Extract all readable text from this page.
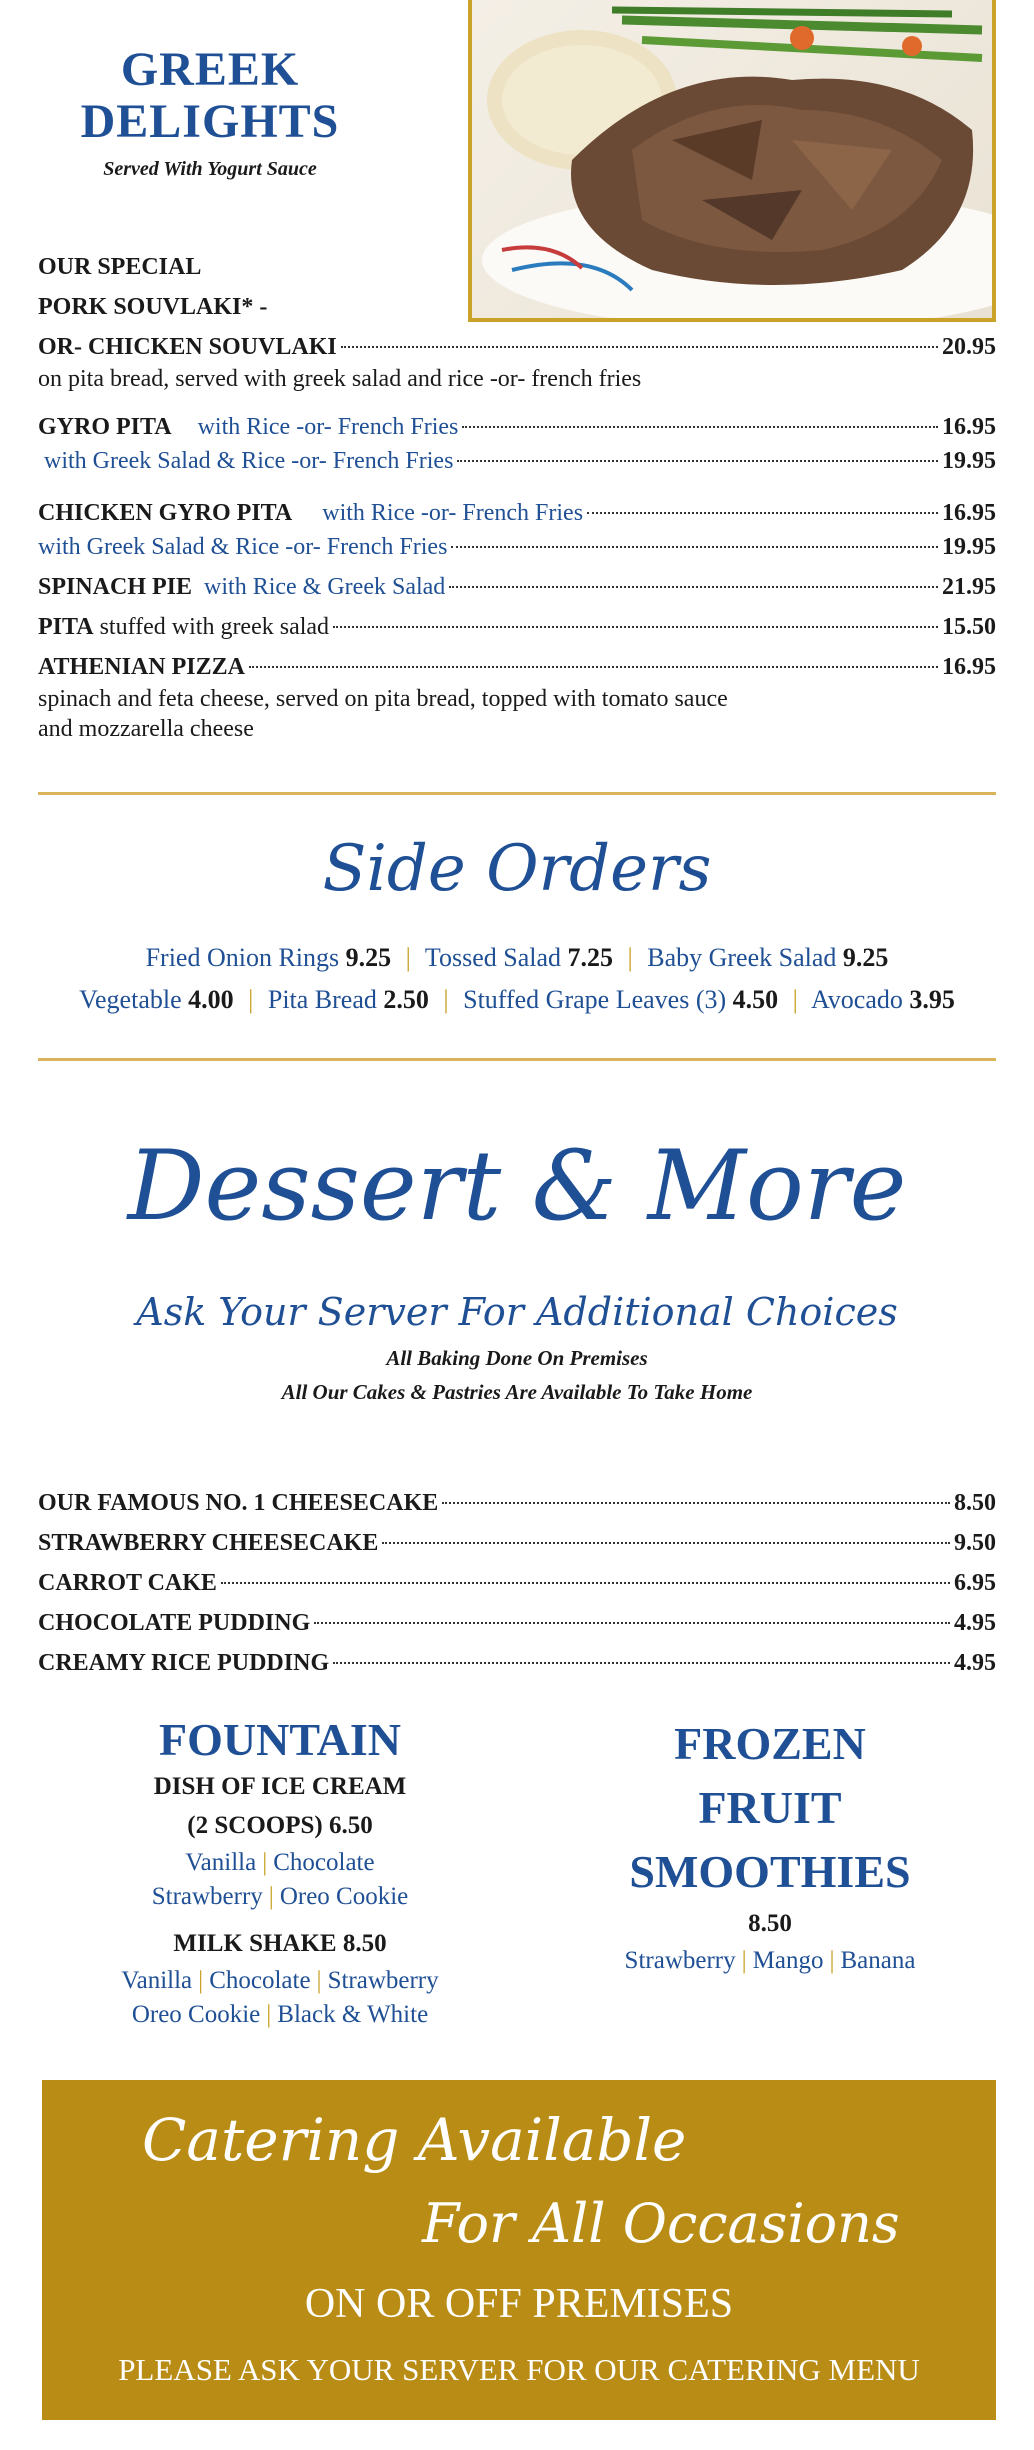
GREEK
DELIGHTS
Served With Yogurt Sauce
OUR SPECIAL
PORK SOUVLAKI* -
OR- CHICKEN SOUVLAKI	20.95
on pita bread, served with greek salad and rice -or- french fries
GYRO PITA with Rice -or- French Fries	16.95
with Greek Salad & Rice -or- French Fries	19.95
CHICKEN GYRO PITA with Rice -or- French Fries	16.95
with Greek Salad & Rice -or- French Fries	19.95
SPINACH PIE with Rice & Greek Salad	21.95
PITA stuffed with greek salad	15.50
ATHENIAN PIZZA	16.95
spinach and feta cheese, served on pita bread, topped with tomato sauce
and mozzarella cheese
Side Orders
Fried Onion Rings 9.25 | Tossed Salad 7.25 | Baby Greek Salad 9.25
Vegetable 4.00 | Pita Bread 2.50 | Stuffed Grape Leaves (3) 4.50 | Avocado 3.95
Dessert & More
Ask Your Server For Additional Choices
All Baking Done On Premises
All Our Cakes & Pastries Are Available To Take Home
OUR FAMOUS NO. 1 CHEESECAKE	8.50
STRAWBERRY CHEESECAKE	9.50
CARROT CAKE	6.95
CHOCOLATE PUDDING	4.95
CREAMY RICE PUDDING	4.95
FOUNTAIN
DISH OF ICE CREAM
(2 SCOOPS) 6.50
Vanilla | Chocolate
Strawberry | Oreo Cookie
MILK SHAKE 8.50
Vanilla | Chocolate | Strawberry
Oreo Cookie | Black & White
FROZEN
FRUIT
SMOOTHIES
8.50
Strawberry | Mango | Banana
Catering Available
For All Occasions
ON OR OFF PREMISES
PLEASE ASK YOUR SERVER FOR OUR CATERING MENU
